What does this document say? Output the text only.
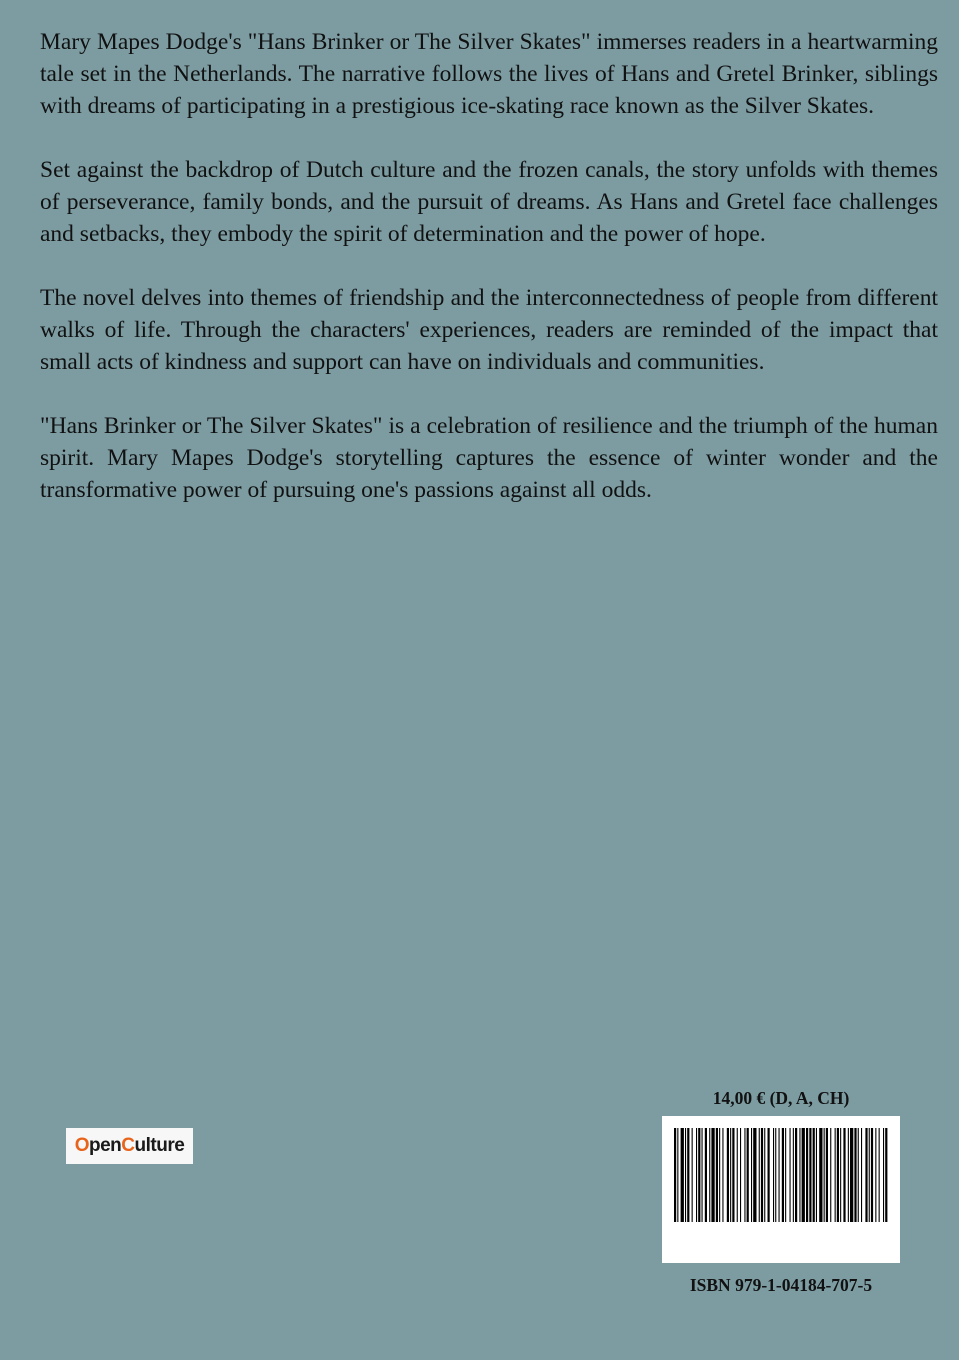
Mary Mapes Dodge's "Hans Brinker or The Silver Skates" immerses readers in a heartwarming tale set in the Netherlands. The narrative follows the lives of Hans and Gretel Brinker, siblings with dreams of participating in a prestigious ice-skating race known as the Silver Skates.

Set against the backdrop of Dutch culture and the frozen canals, the story unfolds with themes of perseverance, family bonds, and the pursuit of dreams. As Hans and Gretel face challenges and setbacks, they embody the spirit of determination and the power of hope.

The novel delves into themes of friendship and the interconnectedness of people from different walks of life. Through the characters' experiences, readers are reminded of the impact that small acts of kindness and support can have on individuals and communities.

"Hans Brinker or The Silver Skates" is a celebration of resilience and the triumph of the human spirit. Mary Mapes Dodge's storytelling captures the essence of winter wonder and the transformative power of pursuing one's passions against all odds.

O pen C ulture
14,00 € (D, A, CH)
ISBN 979-1-04184-707-5
